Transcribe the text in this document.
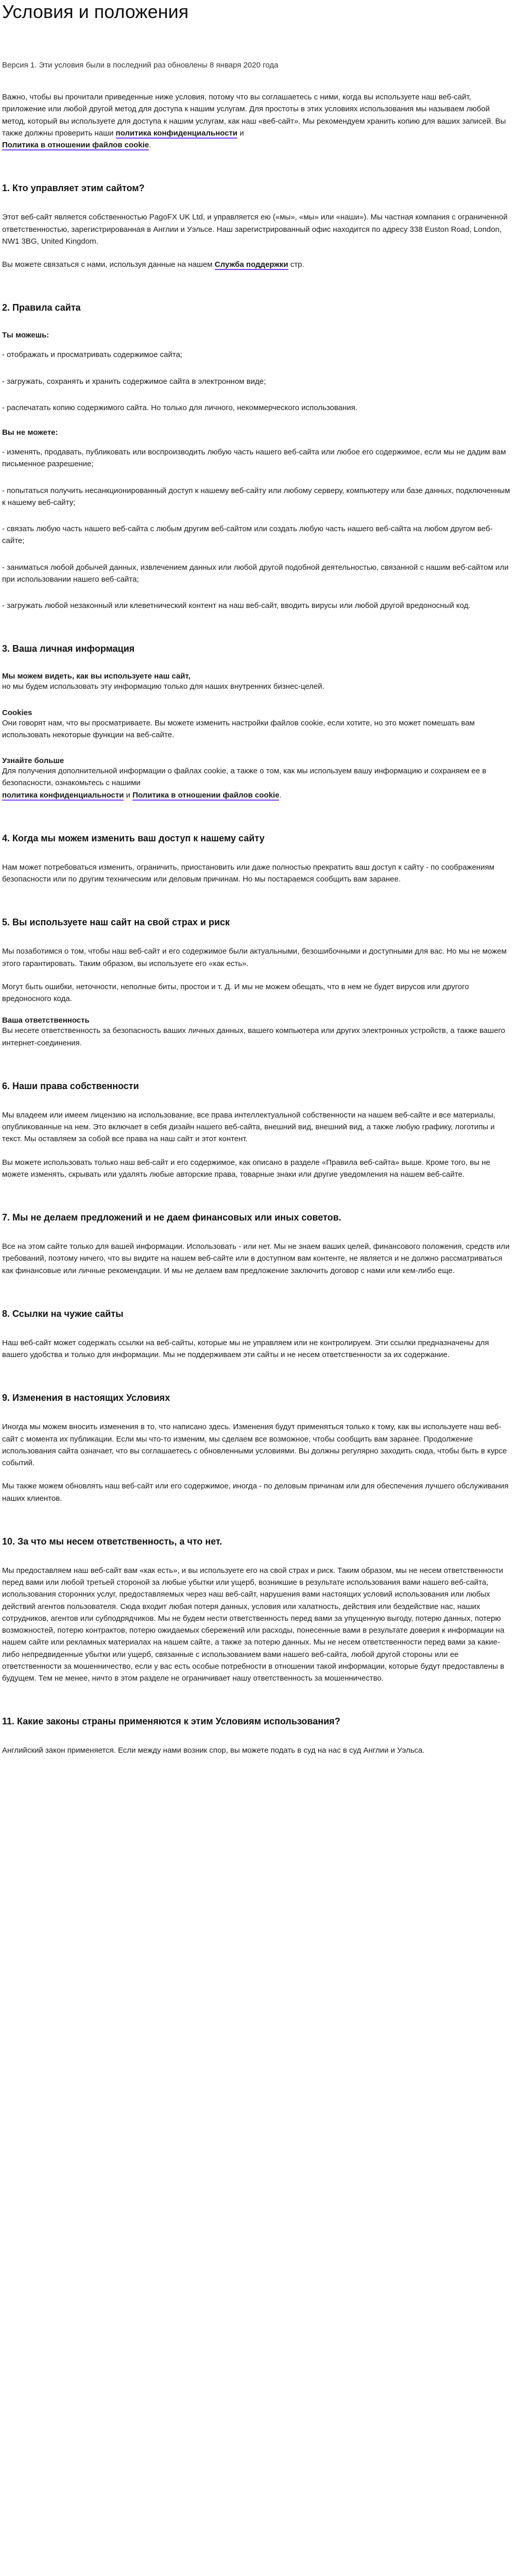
Условия и положения
Версия 1. Эти условия были в последний раз обновлены 8 января 2020 года

Важно, чтобы вы прочитали приведенные ниже условия, потому что вы соглашаетесь с ними, когда вы используете наш веб-сайт, приложение или любой другой метод для доступа к нашим услугам. Для простоты в этих условиях использования мы называем любой метод, который вы используете для доступа к нашим услугам, как наш «веб-сайт». Мы рекомендуем хранить копию для ваших записей. Вы также должны проверить наши политика конфиденциальности и
Политика в отношении файлов cookie.

1. Кто управляет этим сайтом?

Этот веб-сайт является собственностью PagoFX UK Ltd, и управляется ею («мы», «мы» или «наши»). Мы частная компания с ограниченной ответственностью, зарегистрированная в Англии и Уэльсе. Наш зарегистрированный офис находится по адресу 338 Euston Road, London, NW1 3BG, United Kingdom.

Вы можете связаться с нами, используя данные на нашем Служба поддержки стр.

2. Правила сайта
Ты можешь:
- отображать и просматривать содержимое сайта;
- загружать, сохранять и хранить содержимое сайта в электронном виде;
- распечатать копию содержимого сайта. Но только для личного, некоммерческого использования.
Вы не можете:
- изменять, продавать, публиковать или воспроизводить любую часть нашего веб-сайта или любое его содержимое, если мы не дадим вам письменное разрешение;
- попытаться получить несанкционированный доступ к нашему веб-сайту или любому серверу, компьютеру или базе данных, подключенным к нашему веб-сайту;
- связать любую часть нашего веб-сайта с любым другим веб-сайтом или создать любую часть нашего веб-сайта на любом другом веб-сайте;
- заниматься любой добычей данных, извлечением данных или любой другой подобной деятельностью, связанной с нашим веб-сайтом или при использовании нашего веб-сайта;
- загружать любой незаконный или клеветнический контент на наш веб-сайт, вводить вирусы или любой другой вредоносный код.
3. Ваша личная информация
Мы можем видеть, как вы используете наш сайт,
но мы будем использовать эту информацию только для наших внутренних бизнес-целей.
Cookies
Они говорят нам, что вы просматриваете. Вы можете изменить настройки файлов cookie, если хотите, но это может помешать вам использовать некоторые функции на веб-сайте.
Узнайте больше
Для получения дополнительной информации о файлах cookie, а также о том, как мы используем вашу информацию и сохраняем ее в безопасности, ознакомьтесь с нашими
политика конфиденциальности и Политика в отношении файлов cookie.
4. Когда мы можем изменить ваш доступ к нашему сайту

Нам может потребоваться изменить, ограничить, приостановить или даже полностью прекратить ваш доступ к сайту - по соображениям безопасности или по другим техническим или деловым причинам. Но мы постараемся сообщить вам заранее.

5. Вы используете наш сайт на свой страх и риск

Мы позаботимся о том, чтобы наш веб-сайт и его содержимое были актуальными, безошибочными и доступными для вас. Но мы не можем этого гарантировать. Таким образом, вы используете его «как есть».

Могут быть ошибки, неточности, неполные биты, простои и т. Д. И мы не можем обещать, что в нем не будет вирусов или другого вредоносного кода.

Ваша ответственность
Вы несете ответственность за безопасность ваших личных данных, вашего компьютера или других электронных устройств, а также вашего интернет-соединения.
6. Наши права собственности

Мы владеем или имеем лицензию на использование, все права интеллектуальной собственности на нашем веб-сайте и все материалы, опубликованные на нем. Это включает в себя дизайн нашего веб-сайта, внешний вид, внешний вид, а также любую графику, логотипы и текст. Мы оставляем за собой все права на наш сайт и этот контент.

Вы можете использовать только наш веб-сайт и его содержимое, как описано в разделе «Правила веб-сайта» выше. Кроме того, вы не можете изменять, скрывать или удалять любые авторские права, товарные знаки или другие уведомления на нашем веб-сайте.

7. Мы не делаем предложений и не даем финансовых или иных советов.

Все на этом сайте только для вашей информации. Использовать - или нет. Мы не знаем ваших целей, финансового положения, средств или требований, поэтому ничего, что вы видите на нашем веб-сайте или в доступном вам контенте, не является и не должно рассматриваться как финансовые или личные рекомендации. И мы не делаем вам предложение заключить договор с нами или кем-либо еще.

8. Ссылки на чужие сайты

Наш веб-сайт может содержать ссылки на веб-сайты, которые мы не управляем или не контролируем. Эти ссылки предназначены для вашего удобства и только для информации. Мы не поддерживаем эти сайты и не несем ответственности за их содержание.

9. Изменения в настоящих Условиях

Иногда мы можем вносить изменения в то, что написано здесь. Изменения будут применяться только к тому, как вы используете наш веб-сайт с момента их публикации. Если мы что-то изменим, мы сделаем все возможное, чтобы сообщить вам заранее. Продолжение использования сайта означает, что вы соглашаетесь с обновленными условиями. Вы должны регулярно заходить сюда, чтобы быть в курсе событий.

Мы также можем обновлять наш веб-сайт или его содержимое, иногда - по деловым причинам или для обеспечения лучшего обслуживания наших клиентов.

10. За что мы несем ответственность, а что нет.

Мы предоставляем наш веб-сайт вам «как есть», и вы используете его на свой страх и риск. Таким образом, мы не несем ответственности перед вами или любой третьей стороной за любые убытки или ущерб, возникшие в результате использования вами нашего веб-сайта, использования сторонних услуг, предоставляемых через наш веб-сайт, нарушения вами настоящих условий использования или любых действий агентов пользователя. Сюда входит любая потеря данных, условия или халатность, действия или бездействие нас, наших сотрудников, агентов или субподрядчиков. Мы не будем нести ответственность перед вами за упущенную выгоду, потерю данных, потерю возможностей, потерю контрактов, потерю ожидаемых сбережений или расходы, понесенные вами в результате доверия к информации на нашем сайте или рекламных материалах на нашем сайте, а также за потерю данных. Мы не несем ответственности перед вами за какие-либо непредвиденные убытки или ущерб, связанные с использованием вами нашего веб-сайта, любой другой стороны или ее ответственности за мошенничество, если у вас есть особые потребности в отношении такой информации, которые будут предоставлены в будущем. Тем не менее, ничто в этом разделе не ограничивает нашу ответственность за мошенничество.

11. Какие законы страны применяются к этим Условиям использования?

Английский закон применяется. Если между нами возник спор, вы можете подать в суд на нас в суд Англии и Уэльса.
